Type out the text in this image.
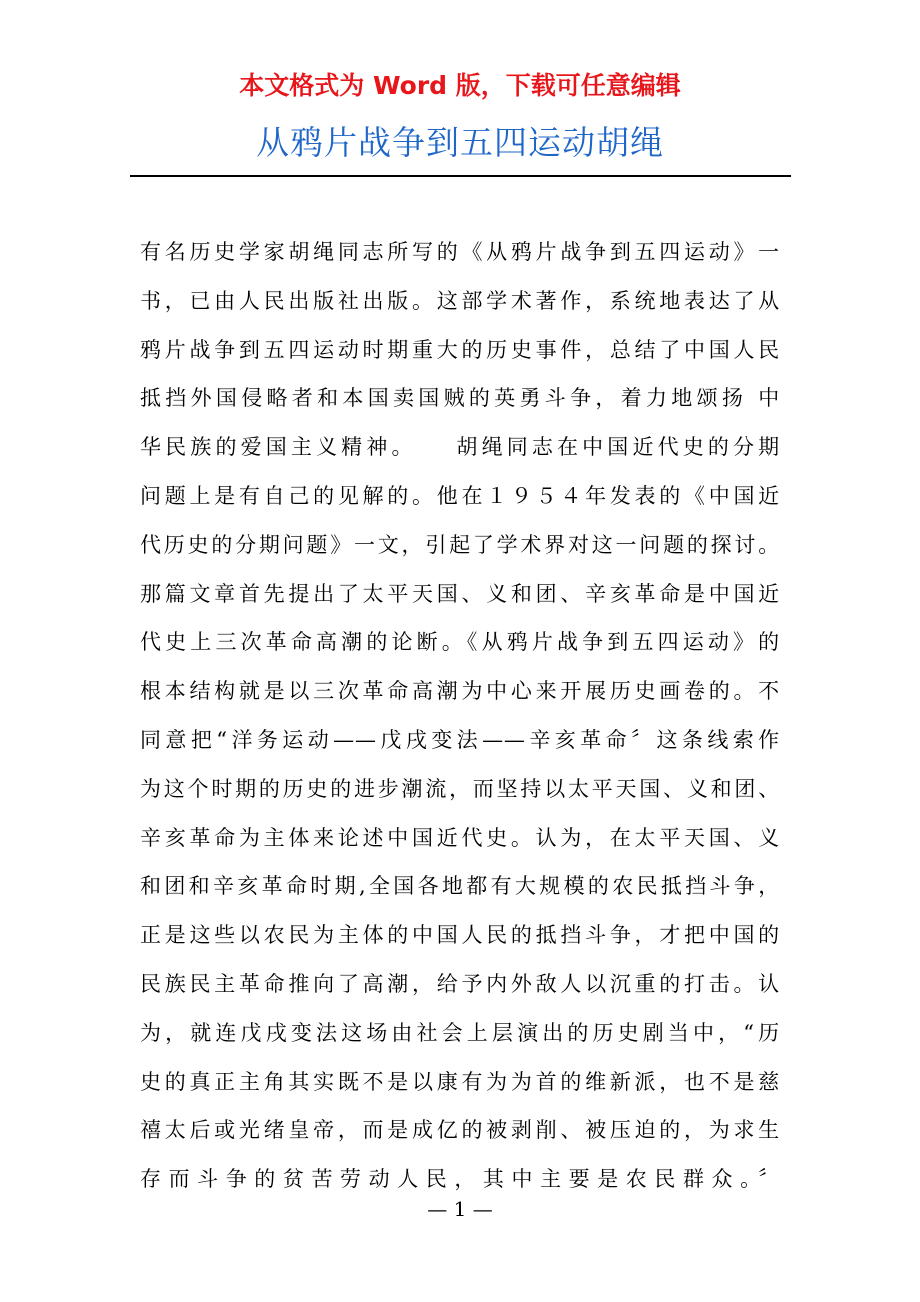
本文格式为 Word 版，下载可任意编辑
从鸦片战争到五四运动胡绳
有名历史学家胡绳同志所写的《从鸦片战争到五四运动》一
书，已由人民出版社出版。这部学术著作，系统地表达了从
鸦片战争到五四运动时期重大的历史事件，总结了中国人民
抵挡外国侵略者和本国卖国贼的英勇斗争，着力地颂扬 中
华民族的爱国主义精神。　　胡绳同志在中国近代史的分期
问题上是有自己的见解的。他在１９５４年发表的《中国近
代历史的分期问题》一文，引起了学术界对这一问题的探讨。
那篇文章首先提出了太平天国、义和团、辛亥革命是中国近
代史上三次革命高潮的论断。《从鸦片战争到五四运动》的
根本结构就是以三次革命高潮为中心来开展历史画卷的。不
同意把“洋务运动——戊戌变法——辛亥革命〞这条线索作
为这个时期的历史的进步潮流，而坚持以太平天国、义和团、
辛亥革命为主体来论述中国近代史。认为，在太平天国、义
和团和辛亥革命时期,全国各地都有大规模的农民抵挡斗争，
正是这些以农民为主体的中国人民的抵挡斗争，才把中国的
民族民主革命推向了高潮，给予内外敌人以沉重的打击。认
为，就连戊戌变法这场由社会上层演出的历史剧当中，“历
史的真正主角其实既不是以康有为为首的维新派，也不是慈
禧太后或光绪皇帝，而是成亿的被剥削、被压迫的，为求生
存而斗争的贫苦劳动人民，其中主要是农民群众。〞
— 1 —
